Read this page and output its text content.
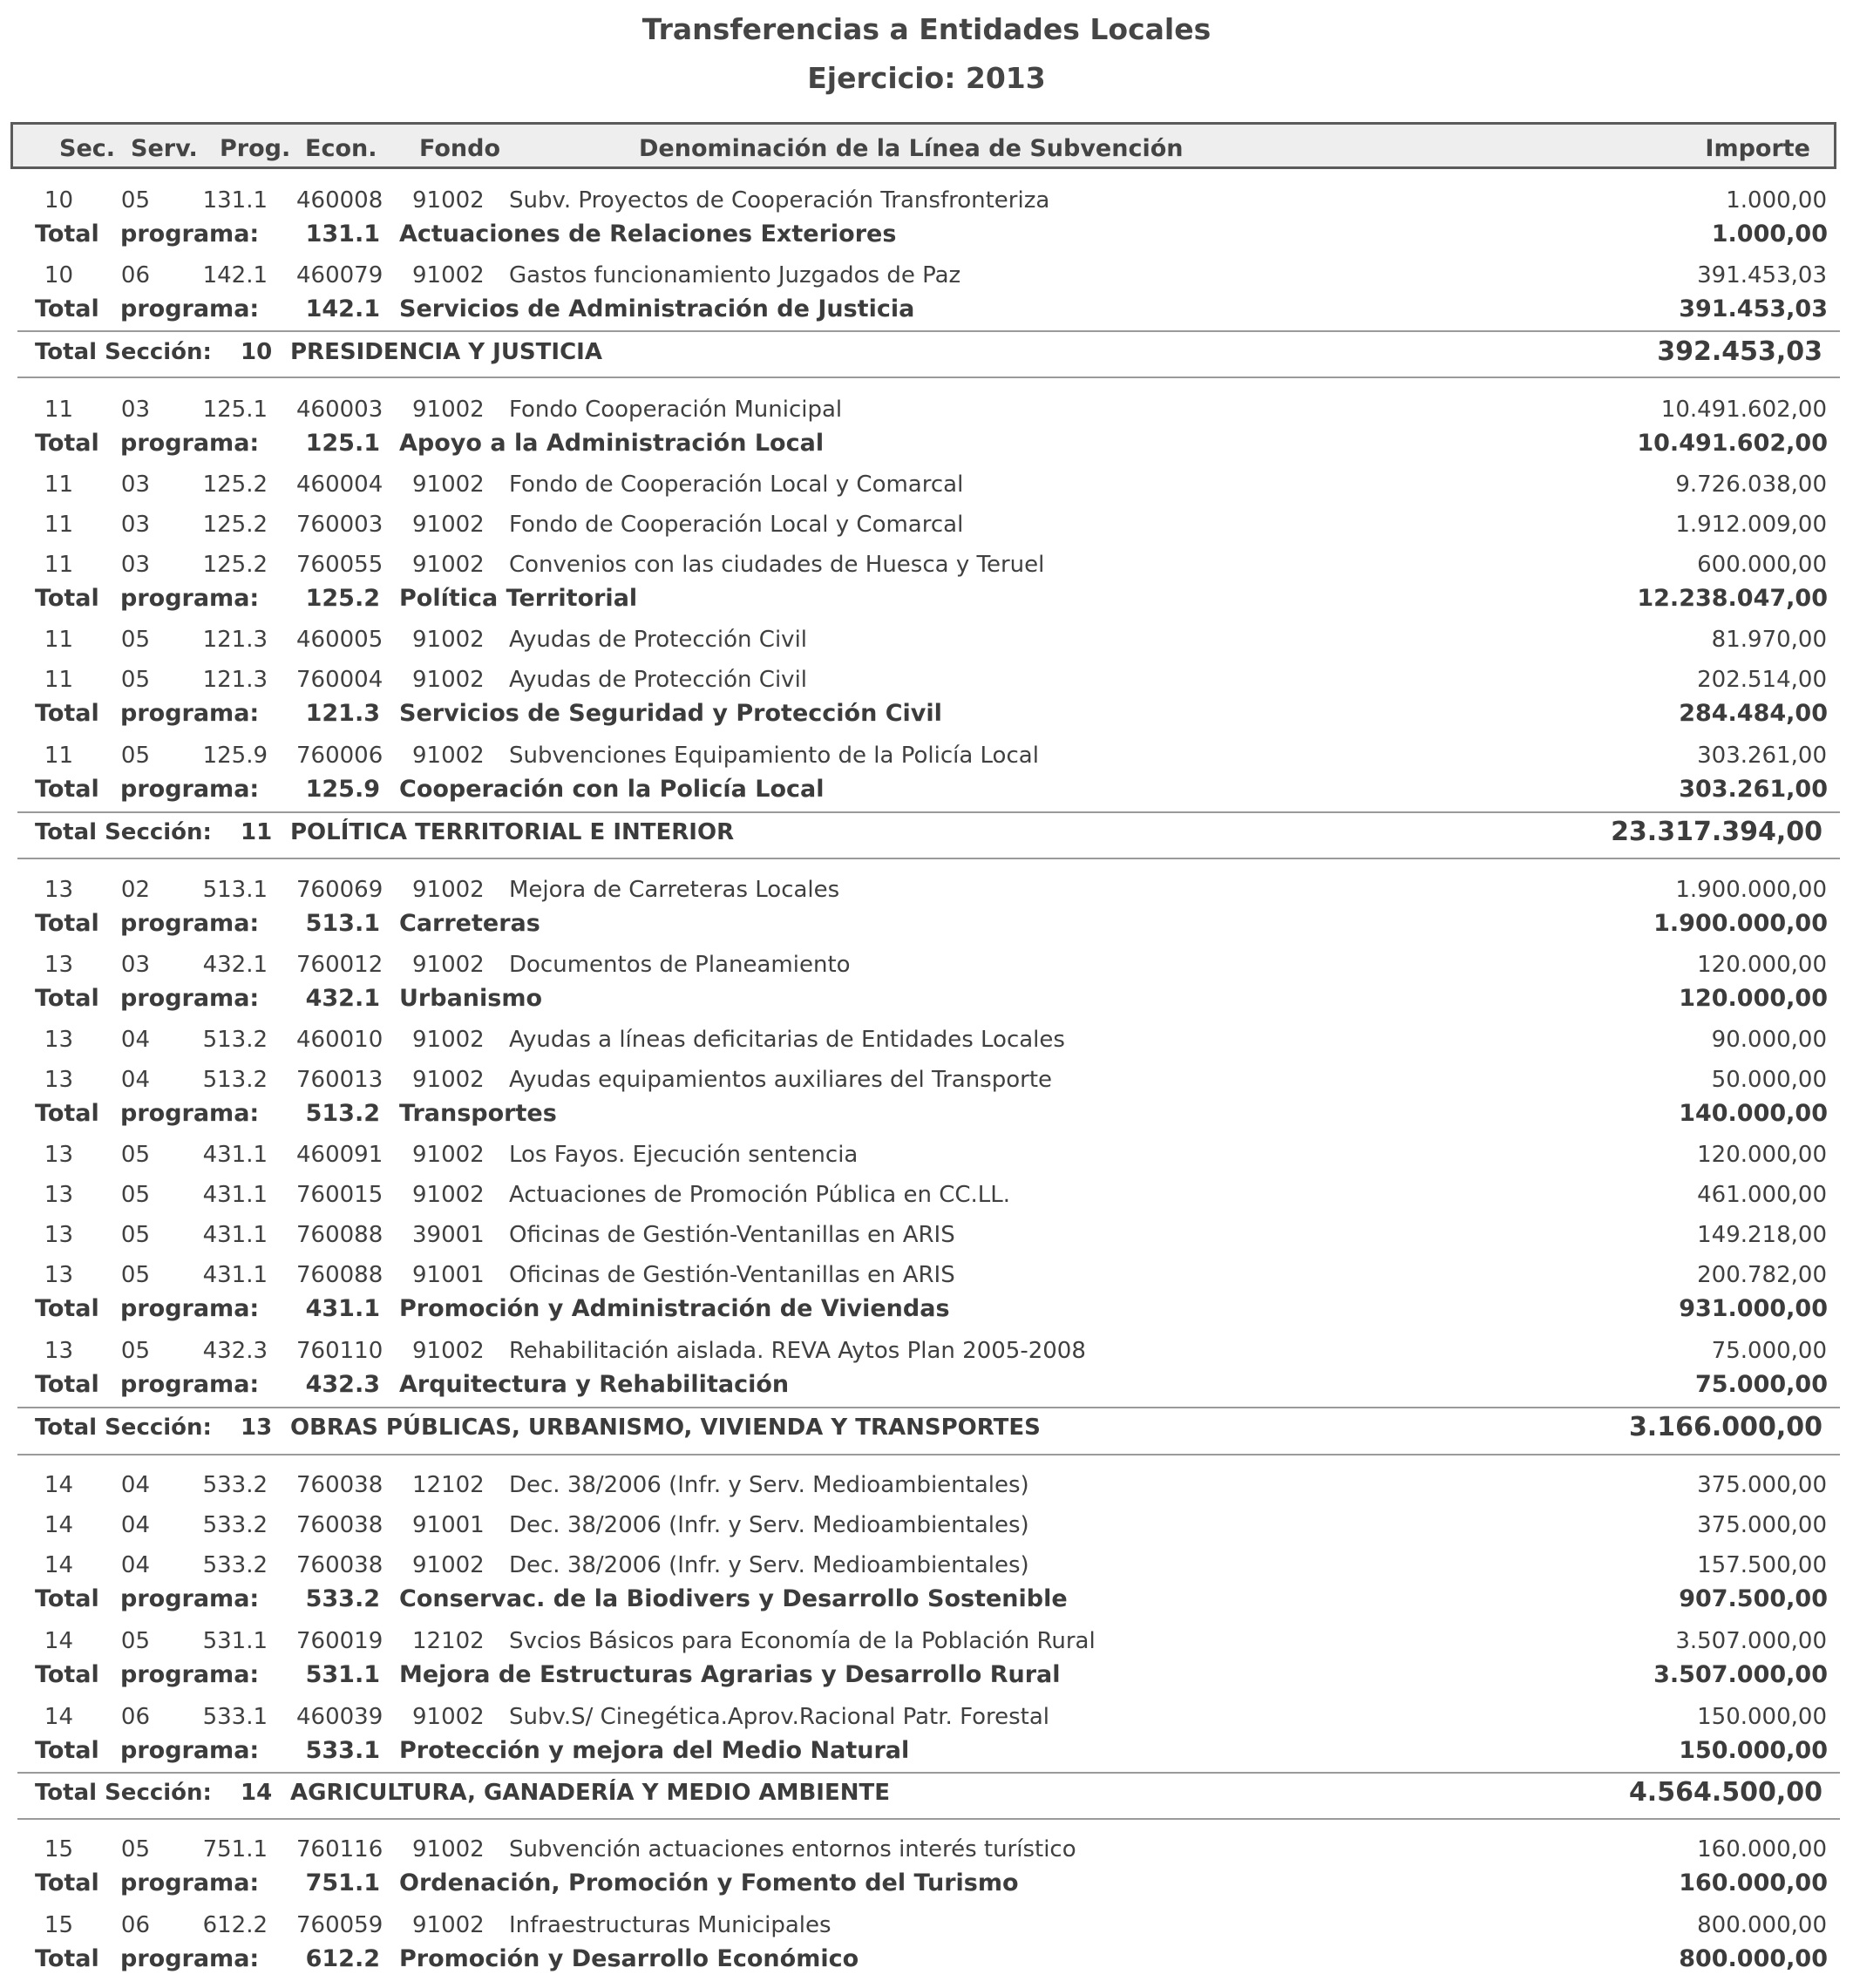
Transferencias a Entidades Locales
Ejercicio: 2013
Sec. Serv. Prog. Econ. Fondo	Denominación de la Línea de Subvención	Importe
10 05 131.1 460008 91002 Subv. Proyectos de Cooperación Transfronteriza	1.000,00
Total programa: 131.1 Actuaciones de Relaciones Exteriores	1.000,00
10 06 142.1 460079 91002 Gastos funcionamiento Juzgados de Paz	391.453,03
Total programa: 142.1 Servicios de Administración de Justicia	391.453,03
Total Sección: 10 PRESIDENCIA Y JUSTICIA	392.453,03
11 03 125.1 460003 91002 Fondo Cooperación Municipal	10.491.602,00
Total programa: 125.1 Apoyo a la Administración Local	10.491.602,00
11 03 125.2 460004 91002 Fondo de Cooperación Local y Comarcal	9.726.038,00
11 03 125.2 760003 91002 Fondo de Cooperación Local y Comarcal	1.912.009,00
11 03 125.2 760055 91002 Convenios con las ciudades de Huesca y Teruel	600.000,00
Total programa: 125.2 Política Territorial	12.238.047,00
11 05 121.3 460005 91002 Ayudas de Protección Civil	81.970,00
11 05 121.3 760004 91002 Ayudas de Protección Civil	202.514,00
Total programa: 121.3 Servicios de Seguridad y Protección Civil	284.484,00
11 05 125.9 760006 91002 Subvenciones Equipamiento de la Policía Local	303.261,00
Total programa: 125.9 Cooperación con la Policía Local	303.261,00
Total Sección: 11 POLÍTICA TERRITORIAL E INTERIOR	23.317.394,00
13 02 513.1 760069 91002 Mejora de Carreteras Locales	1.900.000,00
Total programa: 513.1 Carreteras	1.900.000,00
13 03 432.1 760012 91002 Documentos de Planeamiento	120.000,00
Total programa: 432.1 Urbanismo	120.000,00
13 04 513.2 460010 91002 Ayudas a líneas deficitarias de Entidades Locales	90.000,00
13 04 513.2 760013 91002 Ayudas equipamientos auxiliares del Transporte	50.000,00
Total programa: 513.2 Transportes	140.000,00
13 05 431.1 460091 91002 Los Fayos. Ejecución sentencia	120.000,00
13 05 431.1 760015 91002 Actuaciones de Promoción Pública en CC.LL.	461.000,00
13 05 431.1 760088 39001 Oficinas de Gestión-Ventanillas en ARIS	149.218,00
13 05 431.1 760088 91001 Oficinas de Gestión-Ventanillas en ARIS	200.782,00
Total programa: 431.1 Promoción y Administración de Viviendas	931.000,00
13 05 432.3 760110 91002 Rehabilitación aislada. REVA Aytos Plan 2005-2008	75.000,00
Total programa: 432.3 Arquitectura y Rehabilitación	75.000,00
Total Sección: 13 OBRAS PÚBLICAS, URBANISMO, VIVIENDA Y TRANSPORTES	3.166.000,00
14 04 533.2 760038 12102 Dec. 38/2006 (Infr. y Serv. Medioambientales)	375.000,00
14 04 533.2 760038 91001 Dec. 38/2006 (Infr. y Serv. Medioambientales)	375.000,00
14 04 533.2 760038 91002 Dec. 38/2006 (Infr. y Serv. Medioambientales)	157.500,00
Total programa: 533.2 Conservac. de la Biodivers y Desarrollo Sostenible	907.500,00
14 05 531.1 760019 12102 Svcios Básicos para Economía de la Población Rural	3.507.000,00
Total programa: 531.1 Mejora de Estructuras Agrarias y Desarrollo Rural	3.507.000,00
14 06 533.1 460039 91002 Subv.S/ Cinegética.Aprov.Racional Patr. Forestal	150.000,00
Total programa: 533.1 Protección y mejora del Medio Natural	150.000,00
Total Sección: 14 AGRICULTURA, GANADERÍA Y MEDIO AMBIENTE	4.564.500,00
15 05 751.1 760116 91002 Subvención actuaciones entornos interés turístico	160.000,00
Total programa: 751.1 Ordenación, Promoción y Fomento del Turismo	160.000,00
15 06 612.2 760059 91002 Infraestructuras Municipales	800.000,00
Total programa: 612.2 Promoción y Desarrollo Económico	800.000,00
